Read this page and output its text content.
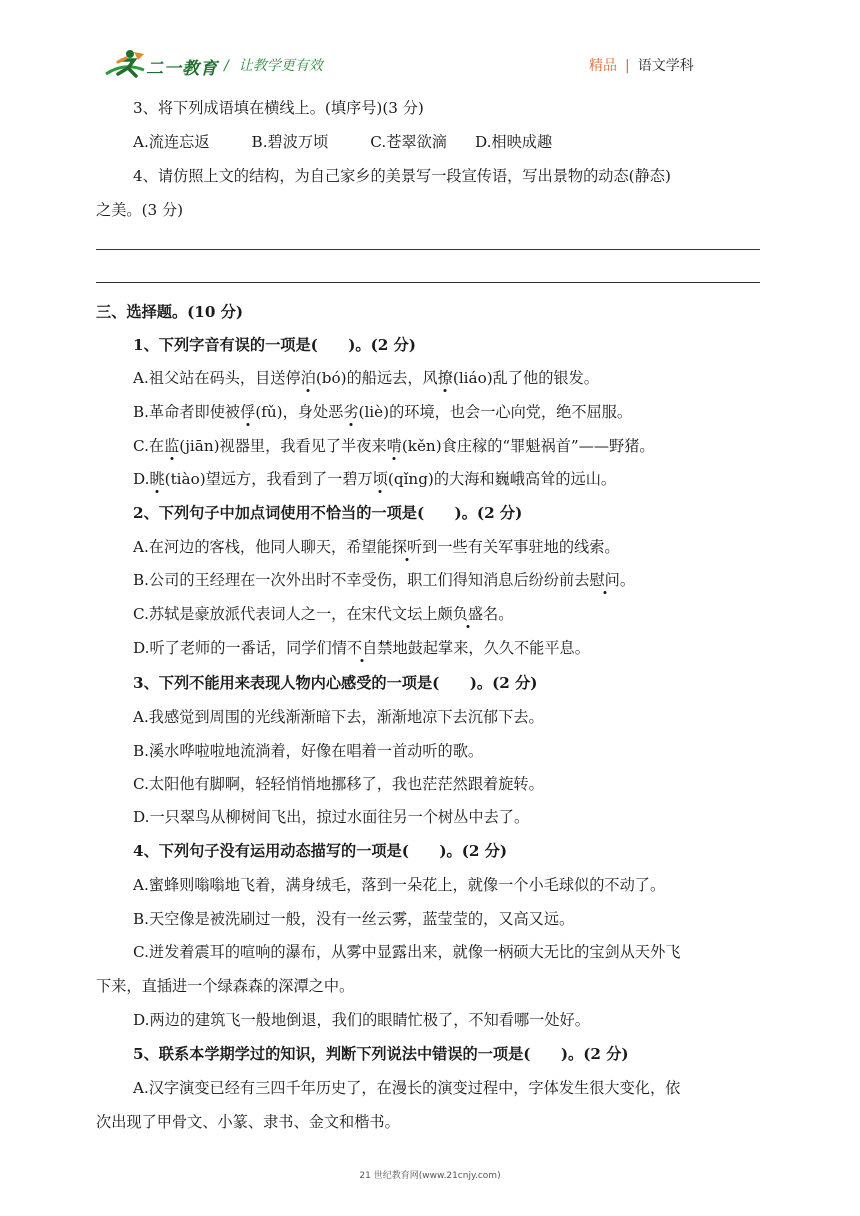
二一教育 / 让教学更有效	精品 | 语文学科
3、将下列成语填在横线上。(填序号)(3 分)
A.流连忘返	B.碧波万顷	C.苍翠欲滴 D.相映成趣
4、请仿照上文的结构，为自己家乡的美景写一段宣传语，写出景物的动态(静态)
之美。(3 分)
三、选择题。(10 分)
1、下列字音有误的一项是(　　)。(2 分)
A.祖父站在码头，目送停泊(bó)的船远去，风撩(liáo)乱了他的银发。
B.革命者即使被俘(fǔ)，身处恶劣(liè)的环境，也会一心向党，绝不屈服。
C.在监(jiān)视器里，我看见了半夜来啃(kěn)食庄稼的“罪魁祸首”——野猪。
D.眺(tiào)望远方，我看到了一碧万顷(qǐng)的大海和巍峨高耸的远山。
2、下列句子中加点词使用不恰当的一项是(　　)。(2 分)
A.在河边的客栈，他同人聊天，希望能探听到一些有关军事驻地的线索。
B.公司的王经理在一次外出时不幸受伤，职工们得知消息后纷纷前去慰问。
C.苏轼是豪放派代表词人之一，在宋代文坛上颇负盛名。
D.听了老师的一番话，同学们情不自禁地鼓起掌来，久久不能平息。
3、下列不能用来表现人物内心感受的一项是(　　)。(2 分)
A.我感觉到周围的光线渐渐暗下去，渐渐地凉下去沉郁下去。
B.溪水哗啦啦地流淌着，好像在唱着一首动听的歌。
C.太阳他有脚啊，轻轻悄悄地挪移了，我也茫茫然跟着旋转。
D.一只翠鸟从柳树间飞出，掠过水面往另一个树丛中去了。
4、下列句子没有运用动态描写的一项是(　　)。(2 分)
A.蜜蜂则嗡嗡地飞着，满身绒毛，落到一朵花上，就像一个小毛球似的不动了。
B.天空像是被洗刷过一般，没有一丝云雾，蓝莹莹的，又高又远。
C.迸发着震耳的喧响的瀑布，从雾中显露出来，就像一柄硕大无比的宝剑从天外飞
下来，直插进一个绿森森的深潭之中。
D.两边的建筑飞一般地倒退，我们的眼睛忙极了，不知看哪一处好。
5、联系本学期学过的知识，判断下列说法中错误的一项是(　　)。(2 分)
A.汉字演变已经有三四千年历史了，在漫长的演变过程中，字体发生很大变化，依
次出现了甲骨文、小篆、隶书、金文和楷书。
21 世纪教育网(www.21cnjy.com)
